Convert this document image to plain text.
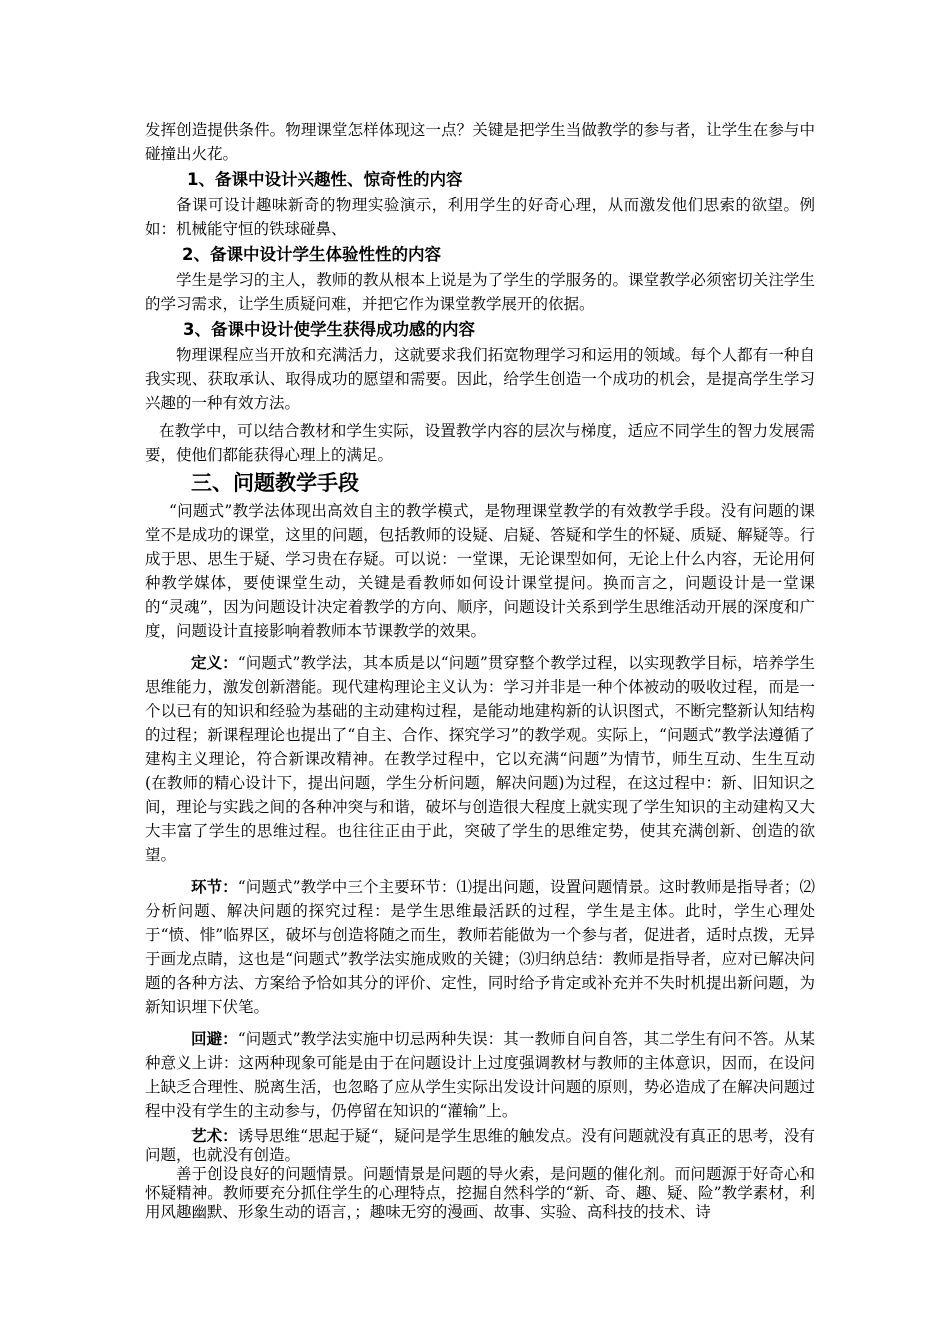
发挥创造提供条件。物理课堂怎样体现这一点？关键是把学生当做教学的参与者，让学生在参与中碰撞出火花。

1、备课中设计兴趣性、惊奇性的内容

备课可设计趣味新奇的物理实验演示，利用学生的好奇心理，从而激发他们思索的欲望。例如：机械能守恒的铁球碰鼻、

2、备课中设计学生体验性性的内容

学生是学习的主人，教师的教从根本上说是为了学生的学服务的。课堂教学必须密切关注学生的学习需求，让学生质疑问难，并把它作为课堂教学展开的依据。

3、备课中设计使学生获得成功感的内容

物理课程应当开放和充满活力，这就要求我们拓宽物理学习和运用的领域。每个人都有一种自我实现、获取承认、取得成功的愿望和需要。因此，给学生创造一个成功的机会，是提高学生学习兴趣的一种有效方法。

在教学中，可以结合教材和学生实际，设置教学内容的层次与梯度，适应不同学生的智力发展需要，使他们都能获得心理上的满足。

三、问题教学手段

“问题式”教学法体现出高效自主的教学模式，是物理课堂教学的有效教学手段。没有问题的课堂不是成功的课堂，这里的问题，包括教师的设疑、启疑、答疑和学生的怀疑、质疑、解疑等。行成于思、思生于疑、学习贵在存疑。可以说：一堂课，无论课型如何，无论上什么内容，无论用何种教学媒体，要使课堂生动，关键是看教师如何设计课堂提问。换而言之，问题设计是一堂课的“灵魂”，因为问题设计决定着教学的方向、顺序，问题设计关系到学生思维活动开展的深度和广度，问题设计直接影响着教师本节课教学的效果。

定义：“问题式”教学法，其本质是以“问题”贯穿整个教学过程，以实现教学目标，培养学生思维能力，激发创新潜能。现代建构理论主义认为：学习并非是一种个体被动的吸收过程，而是一个以已有的知识和经验为基础的主动建构过程，是能动地建构新的认识图式，不断完整新认知结构的过程；新课程理论也提出了“自主、合作、探究学习”的教学观。实际上，“问题式”教学法遵循了建构主义理论，符合新课改精神。在教学过程中，它以充满“问题”为情节，师生互动、生生互动(在教师的精心设计下，提出问题，学生分析问题，解决问题)为过程，在这过程中：新、旧知识之间，理论与实践之间的各种冲突与和谐，破坏与创造很大程度上就实现了学生知识的主动建构又大大丰富了学生的思维过程。也往往正由于此，突破了学生的思维定势，使其充满创新、创造的欲望。

环节：“问题式”教学中三个主要环节：⑴提出问题，设置问题情景。这时教师是指导者；⑵分析问题、解决问题的探究过程：是学生思维最活跃的过程，学生是主体。此时，学生心理处于“愤、悱”临界区，破坏与创造将随之而生，教师若能做为一个参与者，促进者，适时点拨，无异于画龙点睛，这也是“问题式”教学法实施成败的关键；⑶归纳总结：教师是指导者，应对已解决问题的各种方法、方案给予恰如其分的评价、定性，同时给予肯定或补充并不失时机提出新问题，为新知识埋下伏笔。

回避：“问题式”教学法实施中切忌两种失误：其一教师自问自答，其二学生有问不答。从某种意义上讲：这两种现象可能是由于在问题设计上过度强调教材与教师的主体意识，因而，在设问上缺乏合理性、脱离生活，也忽略了应从学生实际出发设计问题的原则，势必造成了在解决问题过程中没有学生的主动参与，仍停留在知识的“灌输”上。

艺术：诱导思维“思起于疑“，疑问是学生思维的触发点。没有问题就没有真正的思考，没有问题，也就没有创造。

善于创设良好的问题情景。问题情景是问题的导火索，是问题的催化剂。而问题源于好奇心和怀疑精神。教师要充分抓住学生的心理特点，挖掘自然科学的“新、奇、趣、疑、险”教学素材，利用风趣幽默、形象生动的语言，；趣味无穷的漫画、故事、实验、高科技的技术、诗
